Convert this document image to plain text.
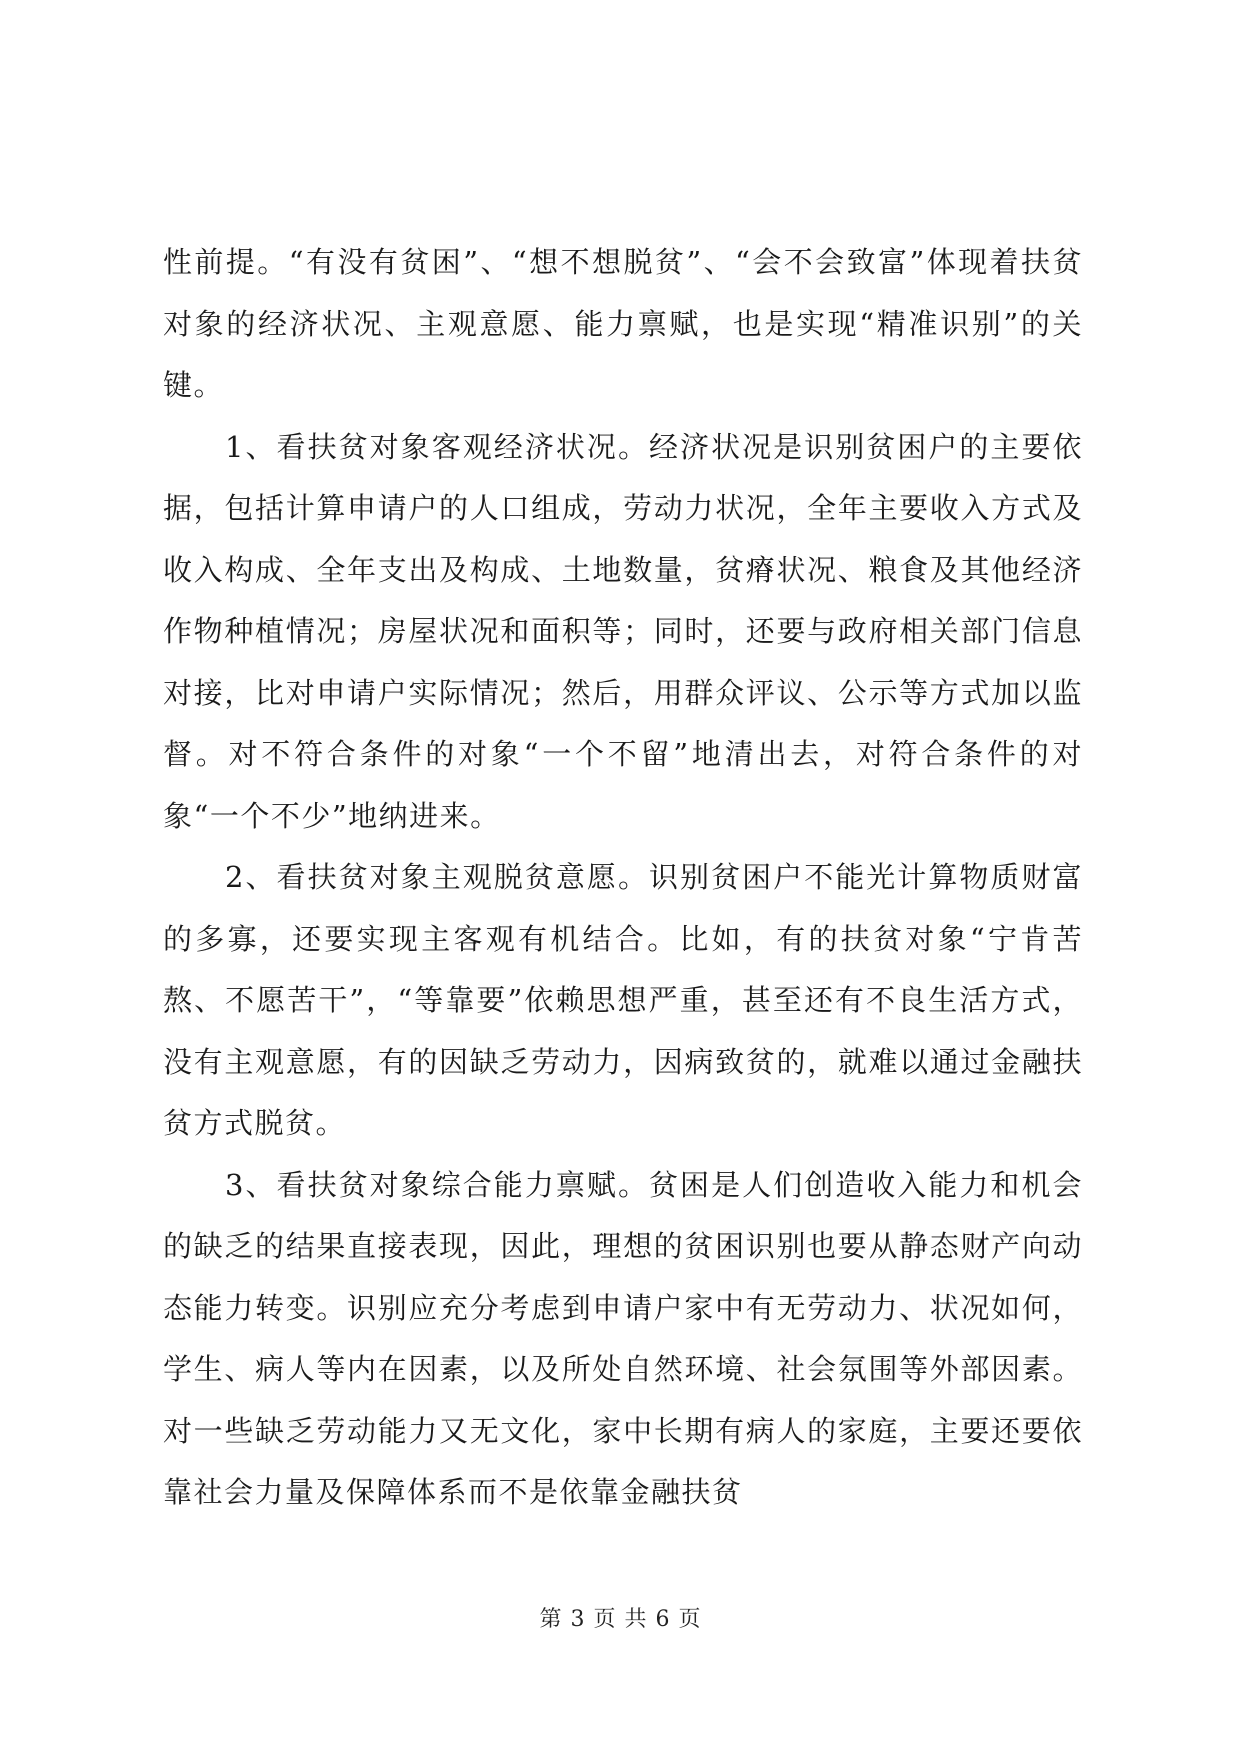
性前提。“有没有贫困”、“想不想脱贫”、“会不会致富”体现着扶贫对象的经济状况、主观意愿、能力禀赋，也是实现“精准识别”的关键。

1、看扶贫对象客观经济状况。经济状况是识别贫困户的主要依据，包括计算申请户的人口组成，劳动力状况，全年主要收入方式及收入构成、全年支出及构成、土地数量，贫瘠状况、粮食及其他经济作物种植情况；房屋状况和面积等；同时，还要与政府相关部门信息对接，比对申请户实际情况；然后，用群众评议、公示等方式加以监督。对不符合条件的对象“一个不留”地清出去，对符合条件的对象“一个不少”地纳进来。

2、看扶贫对象主观脱贫意愿。识别贫困户不能光计算物质财富的多寡，还要实现主客观有机结合。比如，有的扶贫对象“宁肯苦熬、不愿苦干”，“等靠要”依赖思想严重，甚至还有不良生活方式，没有主观意愿，有的因缺乏劳动力，因病致贫的，就难以通过金融扶贫方式脱贫。

3、看扶贫对象综合能力禀赋。贫困是人们创造收入能力和机会的缺乏的结果直接表现，因此，理想的贫困识别也要从静态财产向动态能力转变。识别应充分考虑到申请户家中有无劳动力、状况如何，学生、病人等内在因素，以及所处自然环境、社会氛围等外部因素。对一些缺乏劳动能力又无文化，家中长期有病人的家庭，主要还要依靠社会力量及保障体系而不是依靠金融扶贫

第 3 页 共 6 页
